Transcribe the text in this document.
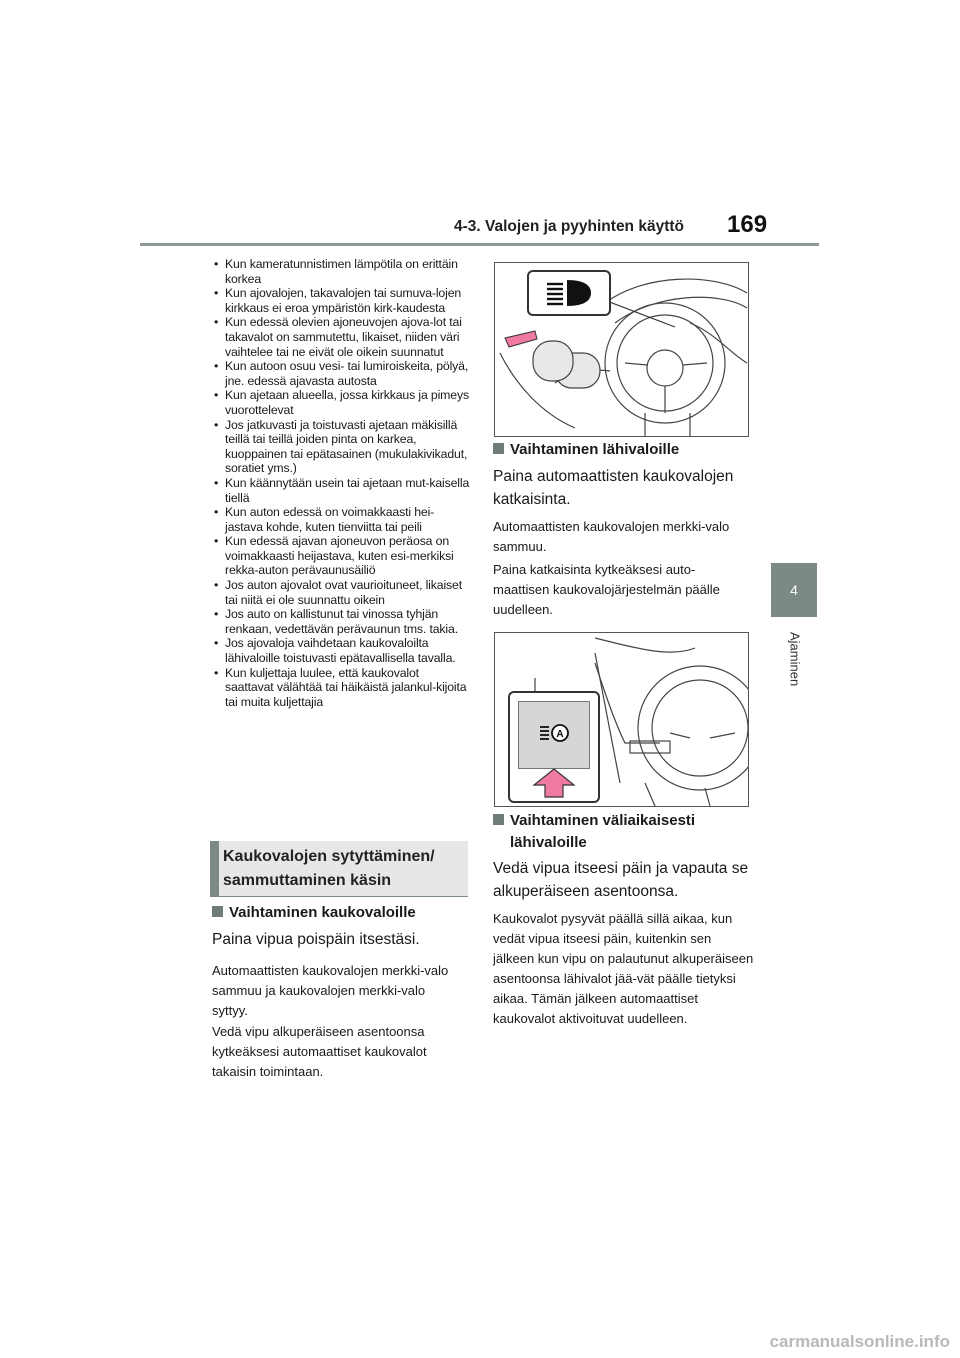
4-3. Valojen ja pyyhinten käyttö 169
4
Ajaminen
• Kun kameratunnistimen lämpötila on erittäin korkea
• Kun ajovalojen, takavalojen tai sumuva-lojen kirkkaus ei eroa ympäristön kirk-kaudesta
• Kun edessä olevien ajoneuvojen ajova-lot tai takavalot on sammutettu, likaiset, niiden väri vaihtelee tai ne eivät ole oikein suunnatut
• Kun autoon osuu vesi- tai lumiroiskeita, pölyä, jne. edessä ajavasta autosta
• Kun ajetaan alueella, jossa kirkkaus ja pimeys vuorottelevat
• Jos jatkuvasti ja toistuvasti ajetaan mäkisillä teillä tai teillä joiden pinta on karkea, kuoppainen tai epätasainen (mukulakivikadut, soratiet yms.)
• Kun käännytään usein tai ajetaan mut-kaisella tiellä
• Kun auton edessä on voimakkaasti hei-jastava kohde, kuten tienviitta tai peili
• Kun edessä ajavan ajoneuvon peräosa on voimakkaasti heijastava, kuten esi-merkiksi rekka-auton perävaunusäiliö
• Jos auton ajovalot ovat vaurioituneet, likaiset tai niitä ei ole suunnattu oikein
• Jos auto on kallistunut tai vinossa tyhjän renkaan, vedettävän perävaunun tms. takia.
• Jos ajovaloja vaihdetaan kaukovaloilta lähivaloille toistuvasti epätavallisella tavalla.
• Kun kuljettaja luulee, että kaukovalot saattavat välähtää tai häikäistä jalankul-kijoita tai muita kuljettajia
Kaukovalojen sytyttäminen/
sammuttaminen käsin
Vaihtaminen kaukovaloille
Paina vipua poispäin itsestäsi.
Automaattisten kaukovalojen merkki-valo sammuu ja kaukovalojen merkki-valo syttyy.
Vedä vipu alkuperäiseen asentoonsa kytkeäksesi automaattiset kaukovalot takaisin toimintaan.
Vaihtaminen lähivaloille
Paina automaattisten kaukovalojen katkaisinta.
Automaattisten kaukovalojen merkki-valo sammuu.
Paina katkaisinta kytkeäksesi auto-maattisen kaukovalojärjestelmän päälle uudelleen.
A
Vaihtaminen väliaikaisesti
lähivaloille
Vedä vipua itseesi päin ja vapauta se alkuperäiseen asentoonsa.
Kaukovalot pysyvät päällä sillä aikaa, kun vedät vipua itseesi päin, kuitenkin sen jälkeen kun vipu on palautunut alkuperäiseen asentoonsa lähivalot jää-vät päälle tietyksi aikaa. Tämän jälkeen automaattiset kaukovalot aktivoituvat uudelleen.
carmanualsonline.info
